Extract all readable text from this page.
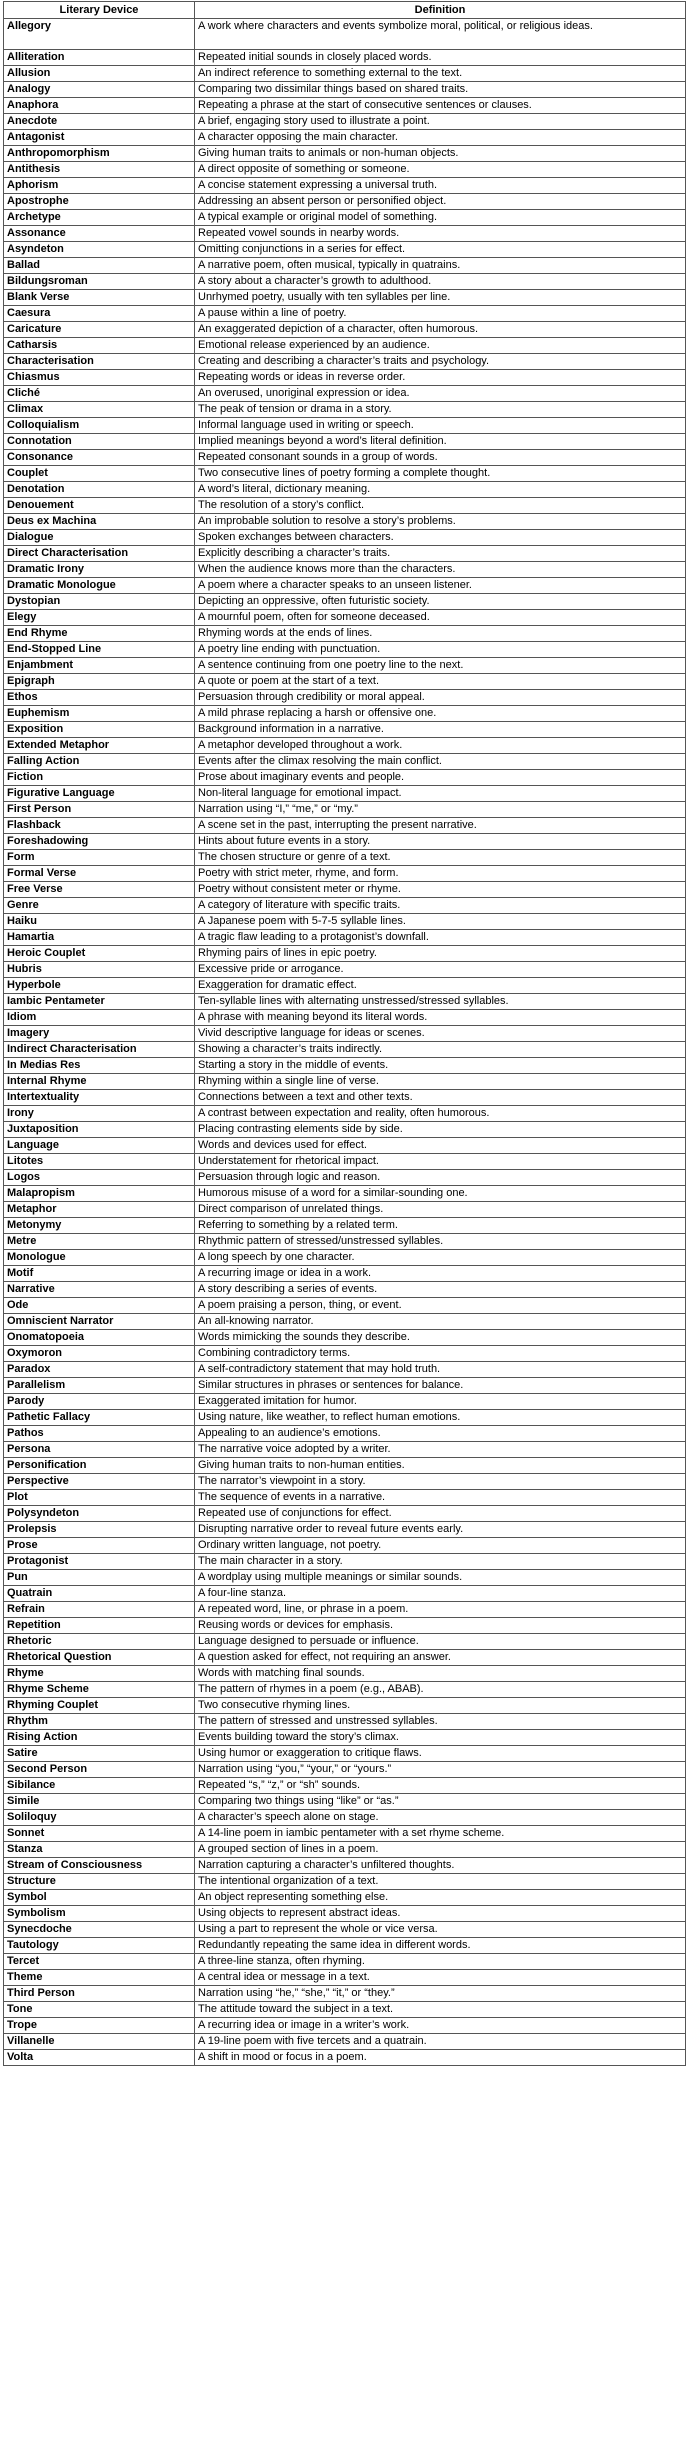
Literary Device	Definition
Allegory	A work where characters and events symbolize moral, political, or religious ideas.
Alliteration	Repeated initial sounds in closely placed words.
Allusion	An indirect reference to something external to the text.
Analogy	Comparing two dissimilar things based on shared traits.
Anaphora	Repeating a phrase at the start of consecutive sentences or clauses.
Anecdote	A brief, engaging story used to illustrate a point.
Antagonist	A character opposing the main character.
Anthropomorphism	Giving human traits to animals or non-human objects.
Antithesis	A direct opposite of something or someone.
Aphorism	A concise statement expressing a universal truth.
Apostrophe	Addressing an absent person or personified object.
Archetype	A typical example or original model of something.
Assonance	Repeated vowel sounds in nearby words.
Asyndeton	Omitting conjunctions in a series for effect.
Ballad	A narrative poem, often musical, typically in quatrains.
Bildungsroman	A story about a character’s growth to adulthood.
Blank Verse	Unrhymed poetry, usually with ten syllables per line.
Caesura	A pause within a line of poetry.
Caricature	An exaggerated depiction of a character, often humorous.
Catharsis	Emotional release experienced by an audience.
Characterisation	Creating and describing a character’s traits and psychology.
Chiasmus	Repeating words or ideas in reverse order.
Cliché	An overused, unoriginal expression or idea.
Climax	The peak of tension or drama in a story.
Colloquialism	Informal language used in writing or speech.
Connotation	Implied meanings beyond a word’s literal definition.
Consonance	Repeated consonant sounds in a group of words.
Couplet	Two consecutive lines of poetry forming a complete thought.
Denotation	A word’s literal, dictionary meaning.
Denouement	The resolution of a story’s conflict.
Deus ex Machina	An improbable solution to resolve a story’s problems.
Dialogue	Spoken exchanges between characters.
Direct Characterisation	Explicitly describing a character’s traits.
Dramatic Irony	When the audience knows more than the characters.
Dramatic Monologue	A poem where a character speaks to an unseen listener.
Dystopian	Depicting an oppressive, often futuristic society.
Elegy	A mournful poem, often for someone deceased.
End Rhyme	Rhyming words at the ends of lines.
End-Stopped Line	A poetry line ending with punctuation.
Enjambment	A sentence continuing from one poetry line to the next.
Epigraph	A quote or poem at the start of a text.
Ethos	Persuasion through credibility or moral appeal.
Euphemism	A mild phrase replacing a harsh or offensive one.
Exposition	Background information in a narrative.
Extended Metaphor	A metaphor developed throughout a work.
Falling Action	Events after the climax resolving the main conflict.
Fiction	Prose about imaginary events and people.
Figurative Language	Non-literal language for emotional impact.
First Person	Narration using “I,” “me,” or “my.”
Flashback	A scene set in the past, interrupting the present narrative.
Foreshadowing	Hints about future events in a story.
Form	The chosen structure or genre of a text.
Formal Verse	Poetry with strict meter, rhyme, and form.
Free Verse	Poetry without consistent meter or rhyme.
Genre	A category of literature with specific traits.
Haiku	A Japanese poem with 5-7-5 syllable lines.
Hamartia	A tragic flaw leading to a protagonist’s downfall.
Heroic Couplet	Rhyming pairs of lines in epic poetry.
Hubris	Excessive pride or arrogance.
Hyperbole	Exaggeration for dramatic effect.
Iambic Pentameter	Ten-syllable lines with alternating unstressed/stressed syllables.
Idiom	A phrase with meaning beyond its literal words.
Imagery	Vivid descriptive language for ideas or scenes.
Indirect Characterisation	Showing a character’s traits indirectly.
In Medias Res	Starting a story in the middle of events.
Internal Rhyme	Rhyming within a single line of verse.
Intertextuality	Connections between a text and other texts.
Irony	A contrast between expectation and reality, often humorous.
Juxtaposition	Placing contrasting elements side by side.
Language	Words and devices used for effect.
Litotes	Understatement for rhetorical impact.
Logos	Persuasion through logic and reason.
Malapropism	Humorous misuse of a word for a similar-sounding one.
Metaphor	Direct comparison of unrelated things.
Metonymy	Referring to something by a related term.
Metre	Rhythmic pattern of stressed/unstressed syllables.
Monologue	A long speech by one character.
Motif	A recurring image or idea in a work.
Narrative	A story describing a series of events.
Ode	A poem praising a person, thing, or event.
Omniscient Narrator	An all-knowing narrator.
Onomatopoeia	Words mimicking the sounds they describe.
Oxymoron	Combining contradictory terms.
Paradox	A self-contradictory statement that may hold truth.
Parallelism	Similar structures in phrases or sentences for balance.
Parody	Exaggerated imitation for humor.
Pathetic Fallacy	Using nature, like weather, to reflect human emotions.
Pathos	Appealing to an audience’s emotions.
Persona	The narrative voice adopted by a writer.
Personification	Giving human traits to non-human entities.
Perspective	The narrator’s viewpoint in a story.
Plot	The sequence of events in a narrative.
Polysyndeton	Repeated use of conjunctions for effect.
Prolepsis	Disrupting narrative order to reveal future events early.
Prose	Ordinary written language, not poetry.
Protagonist	The main character in a story.
Pun	A wordplay using multiple meanings or similar sounds.
Quatrain	A four-line stanza.
Refrain	A repeated word, line, or phrase in a poem.
Repetition	Reusing words or devices for emphasis.
Rhetoric	Language designed to persuade or influence.
Rhetorical Question	A question asked for effect, not requiring an answer.
Rhyme	Words with matching final sounds.
Rhyme Scheme	The pattern of rhymes in a poem (e.g., ABAB).
Rhyming Couplet	Two consecutive rhyming lines.
Rhythm	The pattern of stressed and unstressed syllables.
Rising Action	Events building toward the story’s climax.
Satire	Using humor or exaggeration to critique flaws.
Second Person	Narration using “you,” “your,” or “yours.”
Sibilance	Repeated “s,” “z,” or “sh” sounds.
Simile	Comparing two things using “like” or “as.”
Soliloquy	A character’s speech alone on stage.
Sonnet	A 14-line poem in iambic pentameter with a set rhyme scheme.
Stanza	A grouped section of lines in a poem.
Stream of Consciousness	Narration capturing a character’s unfiltered thoughts.
Structure	The intentional organization of a text.
Symbol	An object representing something else.
Symbolism	Using objects to represent abstract ideas.
Synecdoche	Using a part to represent the whole or vice versa.
Tautology	Redundantly repeating the same idea in different words.
Tercet	A three-line stanza, often rhyming.
Theme	A central idea or message in a text.
Third Person	Narration using “he,” “she,” “it,” or “they.”
Tone	The attitude toward the subject in a text.
Trope	A recurring idea or image in a writer’s work.
Villanelle	A 19-line poem with five tercets and a quatrain.
Volta	A shift in mood or focus in a poem.
